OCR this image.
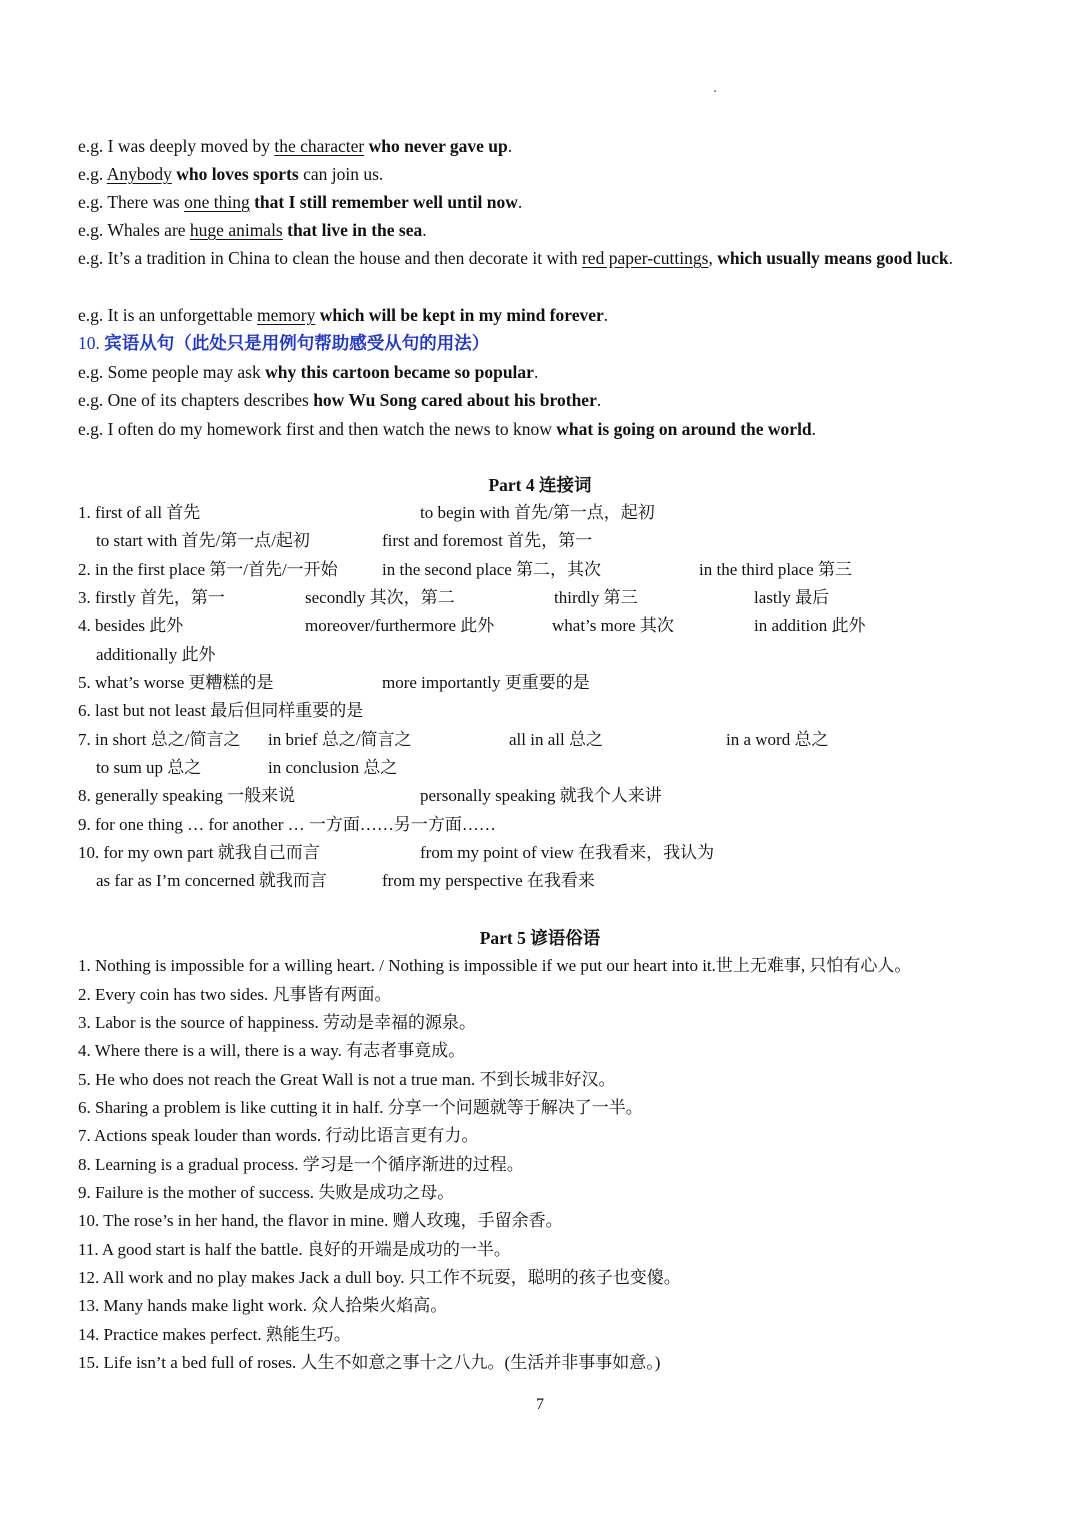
e.g. I was deeply moved by the character who never gave up.
e.g. Anybody who loves sports can join us.
e.g. There was one thing that I still remember well until now.
e.g. Whales are huge animals that live in the sea.
e.g. It’s a tradition in China to clean the house and then decorate it with red paper-cuttings, which usually means good luck.
e.g. It is an unforgettable memory which will be kept in my mind forever.
10. 宾语从句（此处只是用例句帮助感受从句的用法）
e.g. Some people may ask why this cartoon became so popular.
e.g. One of its chapters describes how Wu Song cared about his brother.
e.g. I often do my homework first and then watch the news to know what is going on around the world.
Part 4 连接词
1. first of all 首先	to begin with 首先/第一点，起初
to start with 首先/第一点/起初	first and foremost 首先，第一
2. in the first place 第一/首先/一开始	in the second place 第二，其次	in the third place 第三
3. firstly 首先，第一	secondly 其次，第二	thirdly 第三	lastly 最后
4. besides 此外	moreover/furthermore 此外	what’s more 其次	in addition 此外
additionally 此外
5. what’s worse 更糟糕的是	more importantly 更重要的是
6. last but not least 最后但同样重要的是
7. in short 总之/简言之 in brief 总之/简言之	all in all 总之	in a word 总之
to sum up 总之	in conclusion 总之
8. generally speaking 一般来说	personally speaking 就我个人来讲
9. for one thing … for another … 一方面……另一方面……
10. for my own part 就我自己而言	from my point of view 在我看来，我认为
as far as I’m concerned 就我而言	from my perspective 在我看来
Part 5 谚语俗语
1. Nothing is impossible for a willing heart. / Nothing is impossible if we put our heart into it.世上无难事, 只怕有心人。
2. Every coin has two sides. 凡事皆有两面。
3. Labor is the source of happiness. 劳动是幸福的源泉。
4. Where there is a will, there is a way. 有志者事竟成。
5. He who does not reach the Great Wall is not a true man. 不到长城非好汉。
6. Sharing a problem is like cutting it in half. 分享一个问题就等于解决了一半。
7. Actions speak louder than words. 行动比语言更有力。
8. Learning is a gradual process. 学习是一个循序渐进的过程。
9. Failure is the mother of success. 失败是成功之母。
10. The rose’s in her hand, the flavor in mine. 赠人玫瑰，手留余香。
11. A good start is half the battle. 良好的开端是成功的一半。
12. All work and no play makes Jack a dull boy. 只工作不玩耍，聪明的孩子也变傻。
13. Many hands make light work. 众人拾柴火焰高。
14. Practice makes perfect. 熟能生巧。
15. Life isn’t a bed full of roses. 人生不如意之事十之八九。(生活并非事事如意。)
7
